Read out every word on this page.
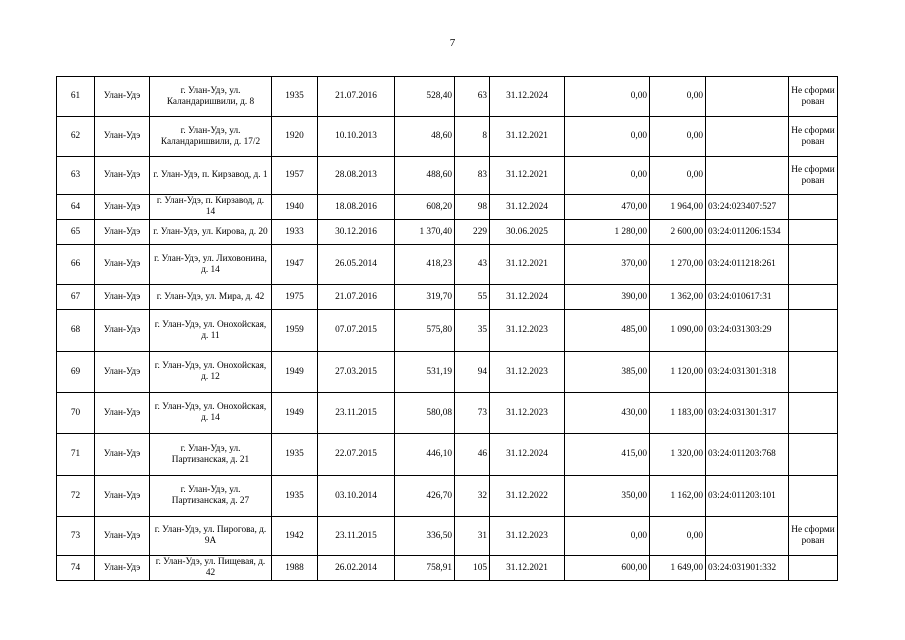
7
61	Улан-Удэ	г. Улан-Удэ, ул. Каландаришвили, д. 8	1935	21.07.2016	528,40	63	31.12.2024	0,00	0,00		Не сформирован
62	Улан-Удэ	г. Улан-Удэ, ул. Каландаришвили, д. 17/2	1920	10.10.2013	48,60	8	31.12.2021	0,00	0,00		Не сформирован
63	Улан-Удэ	г. Улан-Удэ, п. Кирзавод, д. 1	1957	28.08.2013	488,60	83	31.12.2021	0,00	0,00		Не сформирован
64	Улан-Удэ	г. Улан-Удэ, п. Кирзавод, д. 14	1940	18.08.2016	608,20	98	31.12.2024	470,00	1 964,00	03:24:023407:527	
65	Улан-Удэ	г. Улан-Удэ, ул. Кирова, д. 20	1933	30.12.2016	1 370,40	229	30.06.2025	1 280,00	2 600,00	03:24:011206:1534	
66	Улан-Удэ	г. Улан-Удэ, ул. Лиховонина, д. 14	1947	26.05.2014	418,23	43	31.12.2021	370,00	1 270,00	03:24:011218:261	
67	Улан-Удэ	г. Улан-Удэ, ул. Мира, д. 42	1975	21.07.2016	319,70	55	31.12.2024	390,00	1 362,00	03:24:010617:31	
68	Улан-Удэ	г. Улан-Удэ, ул. Онохойская, д. 11	1959	07.07.2015	575,80	35	31.12.2023	485,00	1 090,00	03:24:031303:29	
69	Улан-Удэ	г. Улан-Удэ, ул. Онохойская, д. 12	1949	27.03.2015	531,19	94	31.12.2023	385,00	1 120,00	03:24:031301:318	
70	Улан-Удэ	г. Улан-Удэ, ул. Онохойская, д. 14	1949	23.11.2015	580,08	73	31.12.2023	430,00	1 183,00	03:24:031301:317	
71	Улан-Удэ	г. Улан-Удэ, ул. Партизанская, д. 21	1935	22.07.2015	446,10	46	31.12.2024	415,00	1 320,00	03:24:011203:768	
72	Улан-Удэ	г. Улан-Удэ, ул. Партизанская, д. 27	1935	03.10.2014	426,70	32	31.12.2022	350,00	1 162,00	03:24:011203:101	
73	Улан-Удэ	г. Улан-Удэ, ул. Пирогова, д. 9А	1942	23.11.2015	336,50	31	31.12.2023	0,00	0,00		Не сформирован
74	Улан-Удэ	г. Улан-Удэ, ул. Пищевая, д. 42	1988	26.02.2014	758,91	105	31.12.2021	600,00	1 649,00	03:24:031901:332	
